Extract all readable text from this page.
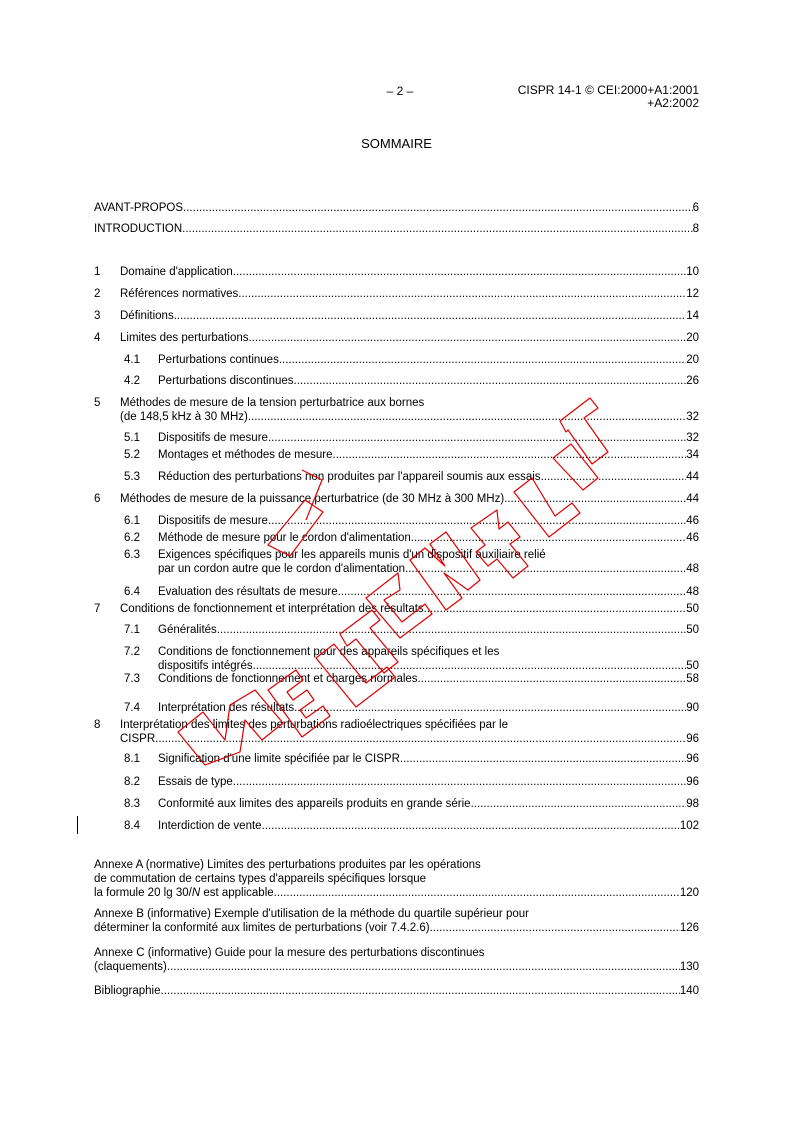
– 2 –	CISPR 14-1 © CEI:2000+A1:2001
+A2:2002
SOMMAIRE
AVANT-PROPOS .....	6
INTRODUCTION .....	8
1 Domaine d'application .....	10
2 Références normatives .....	12
3 Définitions .....	14
4 Limites des perturbations .....	20
4.1 Perturbations continues .....	20
4.2 Perturbations discontinues .....	26
5 Méthodes de mesure de la tension perturbatrice aux bornes
(de 148,5 kHz à 30 MHz) .....	32
5.1 Dispositifs de mesure .....	32
5.2 Montages et méthodes de mesure .....	34
5.3 Réduction des perturbations non produites par l'appareil soumis aux essais .....	44
6 Méthodes de mesure de la puissance perturbatrice (de 30 MHz à 300 MHz) .....	44
6.1 Dispositifs de mesure .....	46
6.2 Méthode de mesure pour le cordon d'alimentation .....	46
6.3 Exigences spécifiques pour les appareils munis d'un dispositif auxiliaire relié
par un cordon autre que le cordon d'alimentation .....	48
6.4 Evaluation des résultats de mesure .....	48
7 Conditions de fonctionnement et interprétation des résultats .....	50
7.1 Généralités .....	50
7.2 Conditions de fonctionnement pour des appareils spécifiques et les
dispositifs intégrés .....	50
7.3 Conditions de fonctionnement et charges normales .....	58
7.4 Interprétation des résultats .....	90
8 Interprétation des limites des perturbations radioélectriques spécifiées par le
CISPR .....	96
8.1 Signification d'une limite spécifiée par le CISPR .....	96
8.2 Essais de type .....	96
8.3 Conformité aux limites des appareils produits en grande série .....	98
8.4 Interdiction de vente .....	102
Annexe A (normative) Limites des perturbations produites par les opérations
de commutation de certains types d'appareils spécifiques lorsque
la formule 20 lg 30/N est applicable .....	120
Annexe B (informative) Exemple d'utilisation de la méthode du quartile supérieur pour
déterminer la conformité aux limites de perturbations (voir 7.4.2.6) .....	126
Annexe C (informative) Guide pour la mesure des perturbations discontinues
(claquements) .....	130
Bibliographie .....	140
